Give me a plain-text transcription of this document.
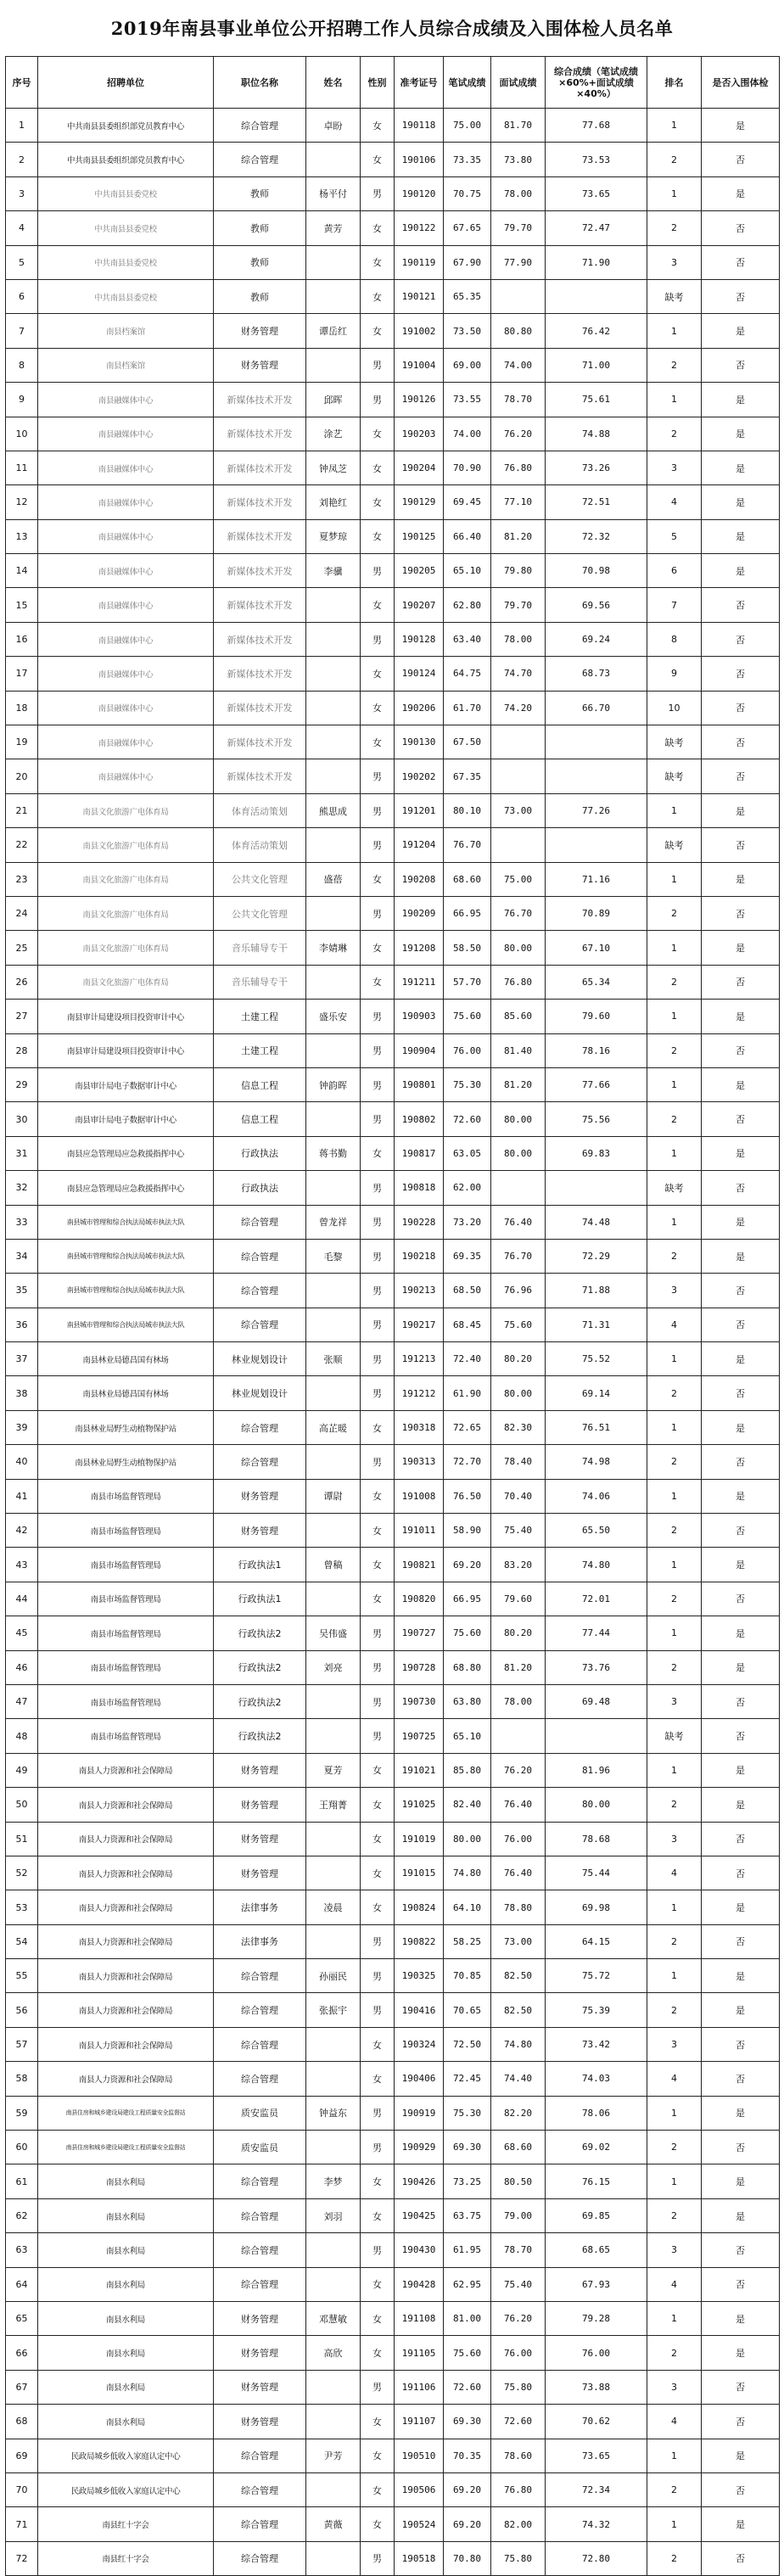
2019年南县事业单位公开招聘工作人员综合成绩及入围体检人员名单
序号	招聘单位	职位名称	姓名	性别	准考证号	笔试成绩	面试成绩	综合成绩（笔试成绩×60%+面试成绩×40%）	排名	是否入围体检
1	中共南县县委组织部党员教育中心	综合管理	卓盼	女	190118	75.00	81.70	77.68	1	是
2	中共南县县委组织部党员教育中心	综合管理		女	190106	73.35	73.80	73.53	2	否
3	中共南县县委党校	教师	杨平付	男	190120	70.75	78.00	73.65	1	是
4	中共南县县委党校	教师	黄芳	女	190122	67.65	79.70	72.47	2	否
5	中共南县县委党校	教师		女	190119	67.90	77.90	71.90	3	否
6	中共南县县委党校	教师		女	190121	65.35			缺考	否
7	南县档案馆	财务管理	谭岳红	女	191002	73.50	80.80	76.42	1	是
8	南县档案馆	财务管理		男	191004	69.00	74.00	71.00	2	否
9	南县融媒体中心	新媒体技术开发	邱晖	男	190126	73.55	78.70	75.61	1	是
10	南县融媒体中心	新媒体技术开发	涂艺	女	190203	74.00	76.20	74.88	2	是
11	南县融媒体中心	新媒体技术开发	钟凤芝	女	190204	70.90	76.80	73.26	3	是
12	南县融媒体中心	新媒体技术开发	刘艳红	女	190129	69.45	77.10	72.51	4	是
13	南县融媒体中心	新媒体技术开发	夏梦琼	女	190125	66.40	81.20	72.32	5	是
14	南县融媒体中心	新媒体技术开发	李骥	男	190205	65.10	79.80	70.98	6	是
15	南县融媒体中心	新媒体技术开发		女	190207	62.80	79.70	69.56	7	否
16	南县融媒体中心	新媒体技术开发		男	190128	63.40	78.00	69.24	8	否
17	南县融媒体中心	新媒体技术开发		女	190124	64.75	74.70	68.73	9	否
18	南县融媒体中心	新媒体技术开发		女	190206	61.70	74.20	66.70	10	否
19	南县融媒体中心	新媒体技术开发		女	190130	67.50			缺考	否
20	南县融媒体中心	新媒体技术开发		男	190202	67.35			缺考	否
21	南县文化旅游广电体育局	体育活动策划	熊思成	男	191201	80.10	73.00	77.26	1	是
22	南县文化旅游广电体育局	体育活动策划		男	191204	76.70			缺考	否
23	南县文化旅游广电体育局	公共文化管理	盛蓓	女	190208	68.60	75.00	71.16	1	是
24	南县文化旅游广电体育局	公共文化管理		男	190209	66.95	76.70	70.89	2	否
25	南县文化旅游广电体育局	音乐辅导专干	李婧琳	女	191208	58.50	80.00	67.10	1	是
26	南县文化旅游广电体育局	音乐辅导专干		女	191211	57.70	76.80	65.34	2	否
27	南县审计局建设项目投资审计中心	土建工程	盛乐安	男	190903	75.60	85.60	79.60	1	是
28	南县审计局建设项目投资审计中心	土建工程		男	190904	76.00	81.40	78.16	2	否
29	南县审计局电子数据审计中心	信息工程	钟韵晖	男	190801	75.30	81.20	77.66	1	是
30	南县审计局电子数据审计中心	信息工程		男	190802	72.60	80.00	75.56	2	否
31	南县应急管理局应急救援指挥中心	行政执法	蒋书勤	女	190817	63.05	80.00	69.83	1	是
32	南县应急管理局应急救援指挥中心	行政执法		男	190818	62.00			缺考	否
33	南县城市管理和综合执法局城市执法大队	综合管理	曾龙祥	男	190228	73.20	76.40	74.48	1	是
34	南县城市管理和综合执法局城市执法大队	综合管理	毛黎	男	190218	69.35	76.70	72.29	2	是
35	南县城市管理和综合执法局城市执法大队	综合管理		男	190213	68.50	76.96	71.88	3	否
36	南县城市管理和综合执法局城市执法大队	综合管理		男	190217	68.45	75.60	71.31	4	否
37	南县林业局德昌国有林场	林业规划设计	张顺	男	191213	72.40	80.20	75.52	1	是
38	南县林业局德昌国有林场	林业规划设计		男	191212	61.90	80.00	69.14	2	否
39	南县林业局野生动植物保护站	综合管理	高芷暖	女	190318	72.65	82.30	76.51	1	是
40	南县林业局野生动植物保护站	综合管理		男	190313	72.70	78.40	74.98	2	否
41	南县市场监督管理局	财务管理	谭尉	女	191008	76.50	70.40	74.06	1	是
42	南县市场监督管理局	财务管理		女	191011	58.90	75.40	65.50	2	否
43	南县市场监督管理局	行政执法1	曾稿	女	190821	69.20	83.20	74.80	1	是
44	南县市场监督管理局	行政执法1		女	190820	66.95	79.60	72.01	2	否
45	南县市场监督管理局	行政执法2	吴伟盛	男	190727	75.60	80.20	77.44	1	是
46	南县市场监督管理局	行政执法2	刘亮	男	190728	68.80	81.20	73.76	2	是
47	南县市场监督管理局	行政执法2		男	190730	63.80	78.00	69.48	3	否
48	南县市场监督管理局	行政执法2		男	190725	65.10			缺考	否
49	南县人力资源和社会保障局	财务管理	夏芳	女	191021	85.80	76.20	81.96	1	是
50	南县人力资源和社会保障局	财务管理	王翔菁	女	191025	82.40	76.40	80.00	2	是
51	南县人力资源和社会保障局	财务管理		女	191019	80.00	76.00	78.68	3	否
52	南县人力资源和社会保障局	财务管理		女	191015	74.80	76.40	75.44	4	否
53	南县人力资源和社会保障局	法律事务	凌晨	女	190824	64.10	78.80	69.98	1	是
54	南县人力资源和社会保障局	法律事务		男	190822	58.25	73.00	64.15	2	否
55	南县人力资源和社会保障局	综合管理	孙丽民	男	190325	70.85	82.50	75.72	1	是
56	南县人力资源和社会保障局	综合管理	张振宇	男	190416	70.65	82.50	75.39	2	是
57	南县人力资源和社会保障局	综合管理		女	190324	72.50	74.80	73.42	3	否
58	南县人力资源和社会保障局	综合管理		女	190406	72.45	74.40	74.03	4	否
59	南县住房和城乡建设局建设工程质量安全监督站	质安监员	钟益东	男	190919	75.30	82.20	78.06	1	是
60	南县住房和城乡建设局建设工程质量安全监督站	质安监员		男	190929	69.30	68.60	69.02	2	否
61	南县水利局	综合管理	李梦	女	190426	73.25	80.50	76.15	1	是
62	南县水利局	综合管理	刘羽	女	190425	63.75	79.00	69.85	2	是
63	南县水利局	综合管理		男	190430	61.95	78.70	68.65	3	否
64	南县水利局	综合管理		女	190428	62.95	75.40	67.93	4	否
65	南县水利局	财务管理	邓慧敏	女	191108	81.00	76.20	79.28	1	是
66	南县水利局	财务管理	高欣	女	191105	75.60	76.00	76.00	2	是
67	南县水利局	财务管理		男	191106	72.60	75.80	73.88	3	否
68	南县水利局	财务管理		女	191107	69.30	72.60	70.62	4	否
69	民政局城乡低收入家庭认定中心	综合管理	尹芳	女	190510	70.35	78.60	73.65	1	是
70	民政局城乡低收入家庭认定中心	综合管理		女	190506	69.20	76.80	72.34	2	否
71	南县红十字会	综合管理	黄薇	女	190524	69.20	82.00	74.32	1	是
72	南县红十字会	综合管理		男	190518	70.80	75.80	72.80	2	否
